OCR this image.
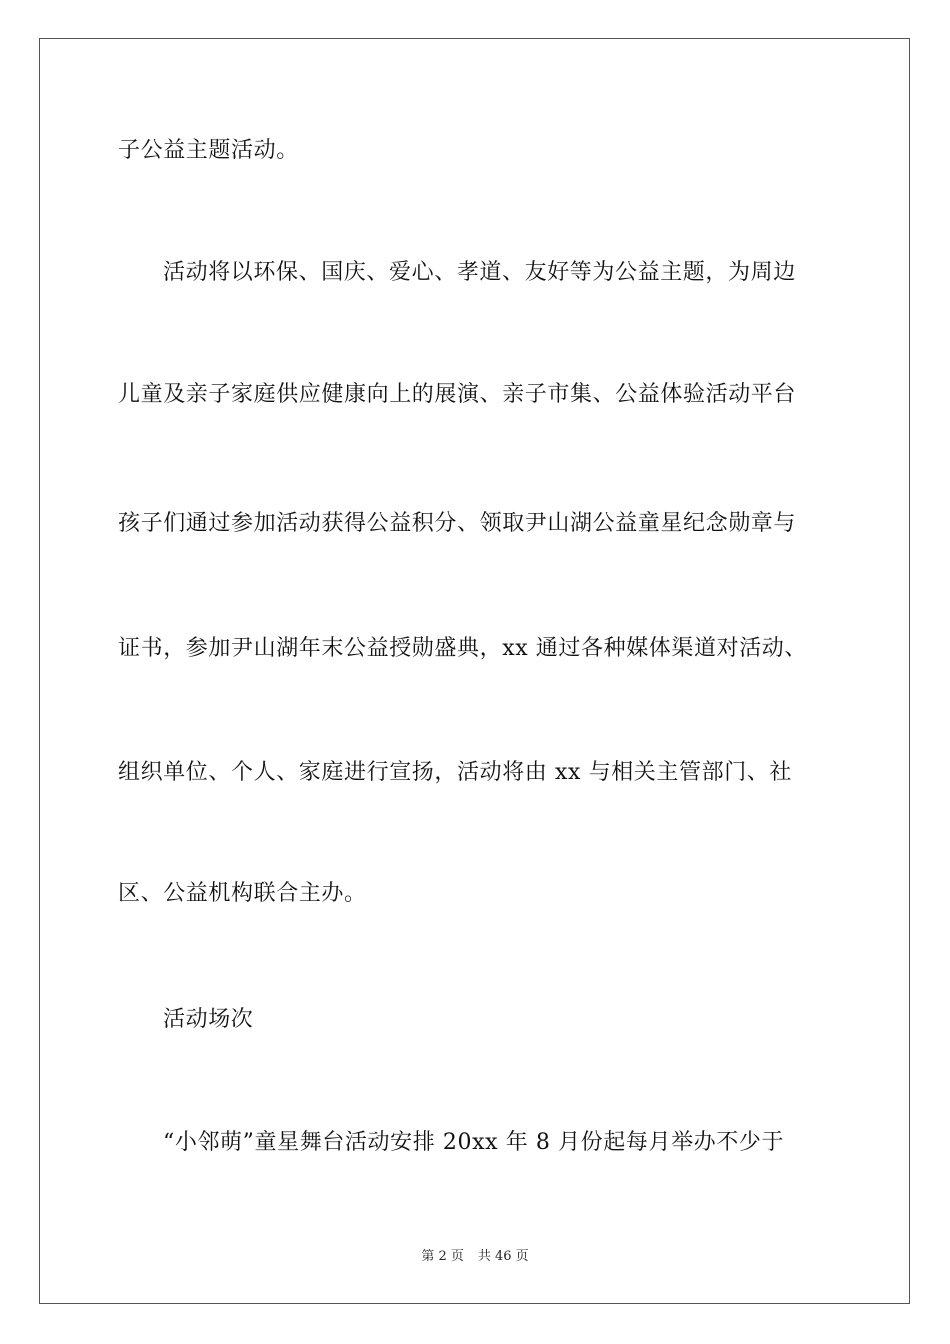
子公益主题活动。
活动将以环保、国庆、爱心、孝道、友好等为公益主题，为周边
儿童及亲子家庭供应健康向上的展演、亲子市集、公益体验活动平台
孩子们通过参加活动获得公益积分、领取尹山湖公益童星纪念勋章与
证书，参加尹山湖年末公益授勋盛典，xx 通过各种媒体渠道对活动、
组织单位、个人、家庭进行宣扬，活动将由 xx 与相关主管部门、社
区、公益机构联合主办。
活动场次
“小邻萌”童星舞台活动安排 20xx 年 8 月份起每月举办不少于
第 2 页 共 46 页
